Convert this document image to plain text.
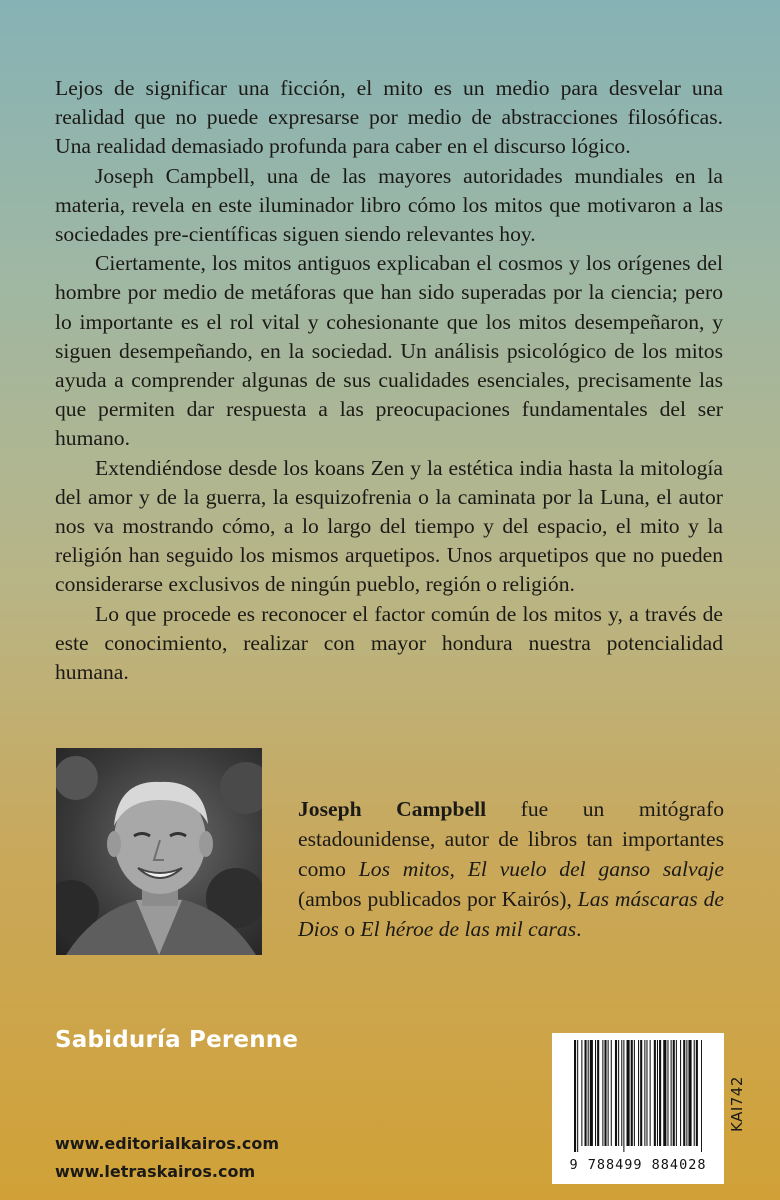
Lejos de significar una ficción, el mito es un medio para desvelar una realidad que no puede expresarse por medio de abstracciones filosóficas. Una realidad demasiado profunda para caber en el discurso lógico.

Joseph Campbell, una de las mayores autoridades mundiales en la materia, revela en este iluminador libro cómo los mitos que motivaron a las sociedades pre-científicas siguen siendo relevantes hoy.

Ciertamente, los mitos antiguos explicaban el cosmos y los orígenes del hombre por medio de metáforas que han sido superadas por la ciencia; pero lo importante es el rol vital y cohesionante que los mitos desempeñaron, y siguen desempeñando, en la sociedad. Un análisis psicológico de los mitos ayuda a comprender algunas de sus cualidades esenciales, precisamente las que permiten dar respuesta a las preocupaciones fundamentales del ser humano.

Extendiéndose desde los koans Zen y la estética india hasta la mitología del amor y de la guerra, la esquizofrenia o la caminata por la Luna, el autor nos va mostrando cómo, a lo largo del tiempo y del espacio, el mito y la religión han seguido los mismos arquetipos. Unos arquetipos que no pueden considerarse exclusivos de ningún pueblo, región o religión.

Lo que procede es reconocer el factor común de los mitos y, a través de este conocimiento, realizar con mayor hondura nuestra potencialidad humana.

Joseph Campbell fue un mitógrafo estadounidense, autor de libros tan importantes como Los mitos, El vuelo del ganso salvaje (ambos publicados por Kairós), Las máscaras de Dios o El héroe de las mil caras.
Sabiduría Perenne
www.editorialkairos.com
www.letraskairos.com	9 788499 884028
KAI742
